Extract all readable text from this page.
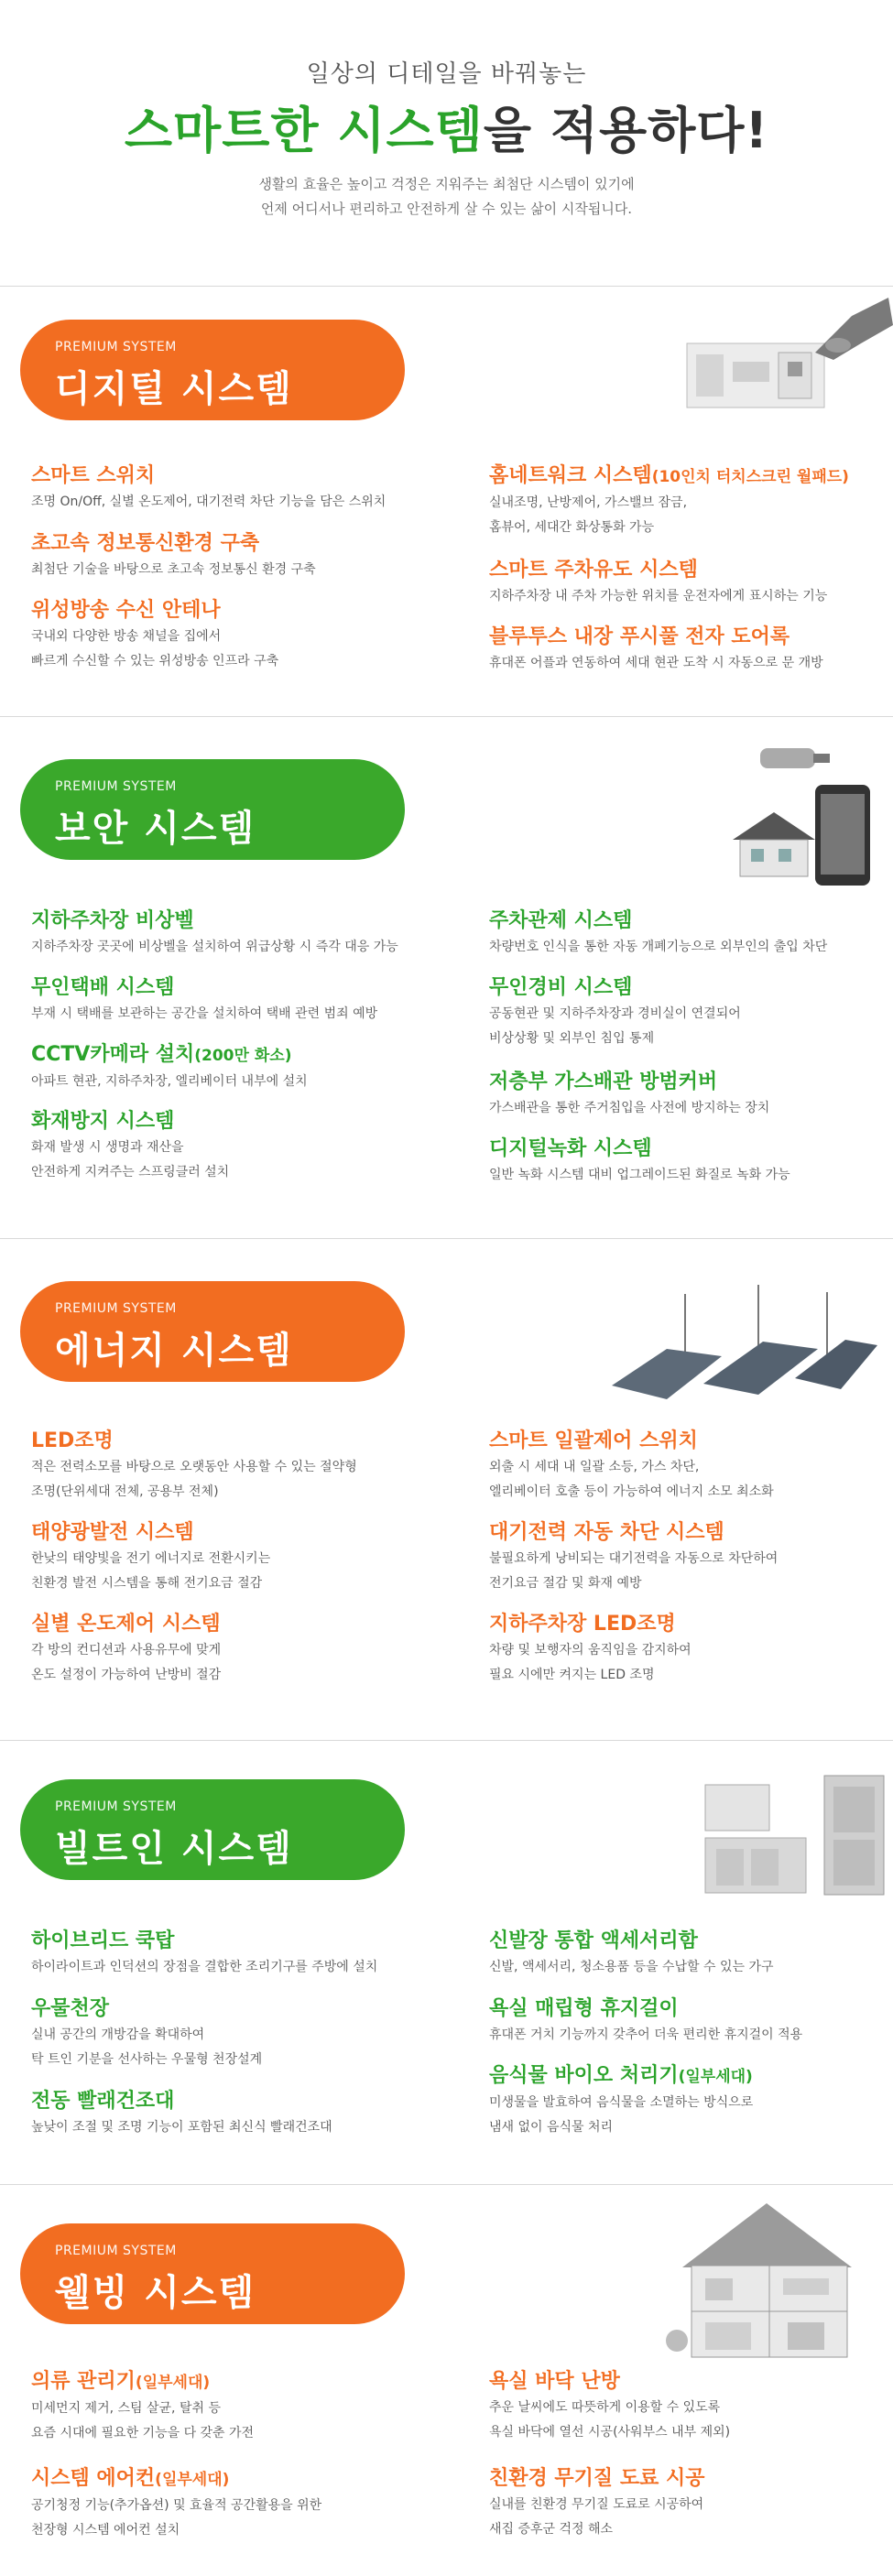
일상의 디테일을 바꿔놓는
스마트한 시스템을 적용하다!
생활의 효율은 높이고 걱정은 지워주는 최첨단 시스템이 있기에
언제 어디서나 편리하고 안전하게 살 수 있는 삶이 시작됩니다.
PREMIUM SYSTEM
디지털 시스템
스마트 스위치
조명 On/Off, 실별 온도제어, 대기전력 차단 기능을 담은 스위치
초고속 정보통신환경 구축
최첨단 기술을 바탕으로 초고속 정보통신 환경 구축
위성방송 수신 안테나
국내외 다양한 방송 채널을 집에서
빠르게 수신할 수 있는 위성방송 인프라 구축
홈네트워크 시스템(10인치 터치스크린 월패드)
실내조명, 난방제어, 가스밸브 잠금,
홈뷰어, 세대간 화상통화 가능
스마트 주차유도 시스템
지하주차장 내 주차 가능한 위치를 운전자에게 표시하는 기능
블루투스 내장 푸시풀 전자 도어록
휴대폰 어플과 연동하여 세대 현관 도착 시 자동으로 문 개방
PREMIUM SYSTEM
보안 시스템
지하주차장 비상벨
지하주차장 곳곳에 비상벨을 설치하여 위급상황 시 즉각 대응 가능
무인택배 시스템
부재 시 택배를 보관하는 공간을 설치하여 택배 관련 범죄 예방
CCTV카메라 설치(200만 화소)
아파트 현관, 지하주차장, 엘리베이터 내부에 설치
화재방지 시스템
화재 발생 시 생명과 재산을
안전하게 지켜주는 스프링클러 설치
주차관제 시스템
차량번호 인식을 통한 자동 개폐기능으로 외부인의 출입 차단
무인경비 시스템
공동현관 및 지하주차장과 경비실이 연결되어
비상상황 및 외부인 침입 통제
저층부 가스배관 방범커버
가스배관을 통한 주거침입을 사전에 방지하는 장치
디지털녹화 시스템
일반 녹화 시스템 대비 업그레이드된 화질로 녹화 가능
PREMIUM SYSTEM
에너지 시스템
LED조명
적은 전력소모를 바탕으로 오랫동안 사용할 수 있는 절약형
조명(단위세대 전체, 공용부 전체)
태양광발전 시스템
한낮의 태양빛을 전기 에너지로 전환시키는
친환경 발전 시스템을 통해 전기요금 절감
실별 온도제어 시스템
각 방의 컨디션과 사용유무에 맞게
온도 설정이 가능하여 난방비 절감
스마트 일괄제어 스위치
외출 시 세대 내 일괄 소등, 가스 차단,
엘리베이터 호출 등이 가능하여 에너지 소모 최소화
대기전력 자동 차단 시스템
불필요하게 낭비되는 대기전력을 자동으로 차단하여
전기요금 절감 및 화재 예방
지하주차장 LED조명
차량 및 보행자의 움직임을 감지하여
필요 시에만 켜지는 LED 조명
PREMIUM SYSTEM
빌트인 시스템
하이브리드 쿡탑
하이라이트과 인덕션의 장점을 결합한 조리기구를 주방에 설치
우물천장
실내 공간의 개방감을 확대하여
탁 트인 기분을 선사하는 우물형 천장설계
전동 빨래건조대
높낮이 조절 및 조명 기능이 포함된 최신식 빨래건조대
신발장 통합 액세서리함
신발, 액세서리, 청소용품 등을 수납할 수 있는 가구
욕실 매립형 휴지걸이
휴대폰 거치 기능까지 갖추어 더욱 편리한 휴지걸이 적용
음식물 바이오 처리기(일부세대)
미생물을 발효하여 음식물을 소멸하는 방식으로
냄새 없이 음식물 처리
PREMIUM SYSTEM
웰빙 시스템
의류 관리기(일부세대)
미세먼지 제거, 스팀 살균, 탈취 등
요즘 시대에 필요한 기능을 다 갖춘 가전
시스템 에어컨(일부세대)
공기청정 기능(추가옵션) 및 효율적 공간활용을 위한
천장형 시스템 에어컨 설치
욕실 바닥 난방
추운 날씨에도 따뜻하게 이용할 수 있도록
욕실 바닥에 열선 시공(사워부스 내부 제외)
친환경 무기질 도료 시공
실내를 친환경 무기질 도료로 시공하여
새집 증후군 걱정 해소
